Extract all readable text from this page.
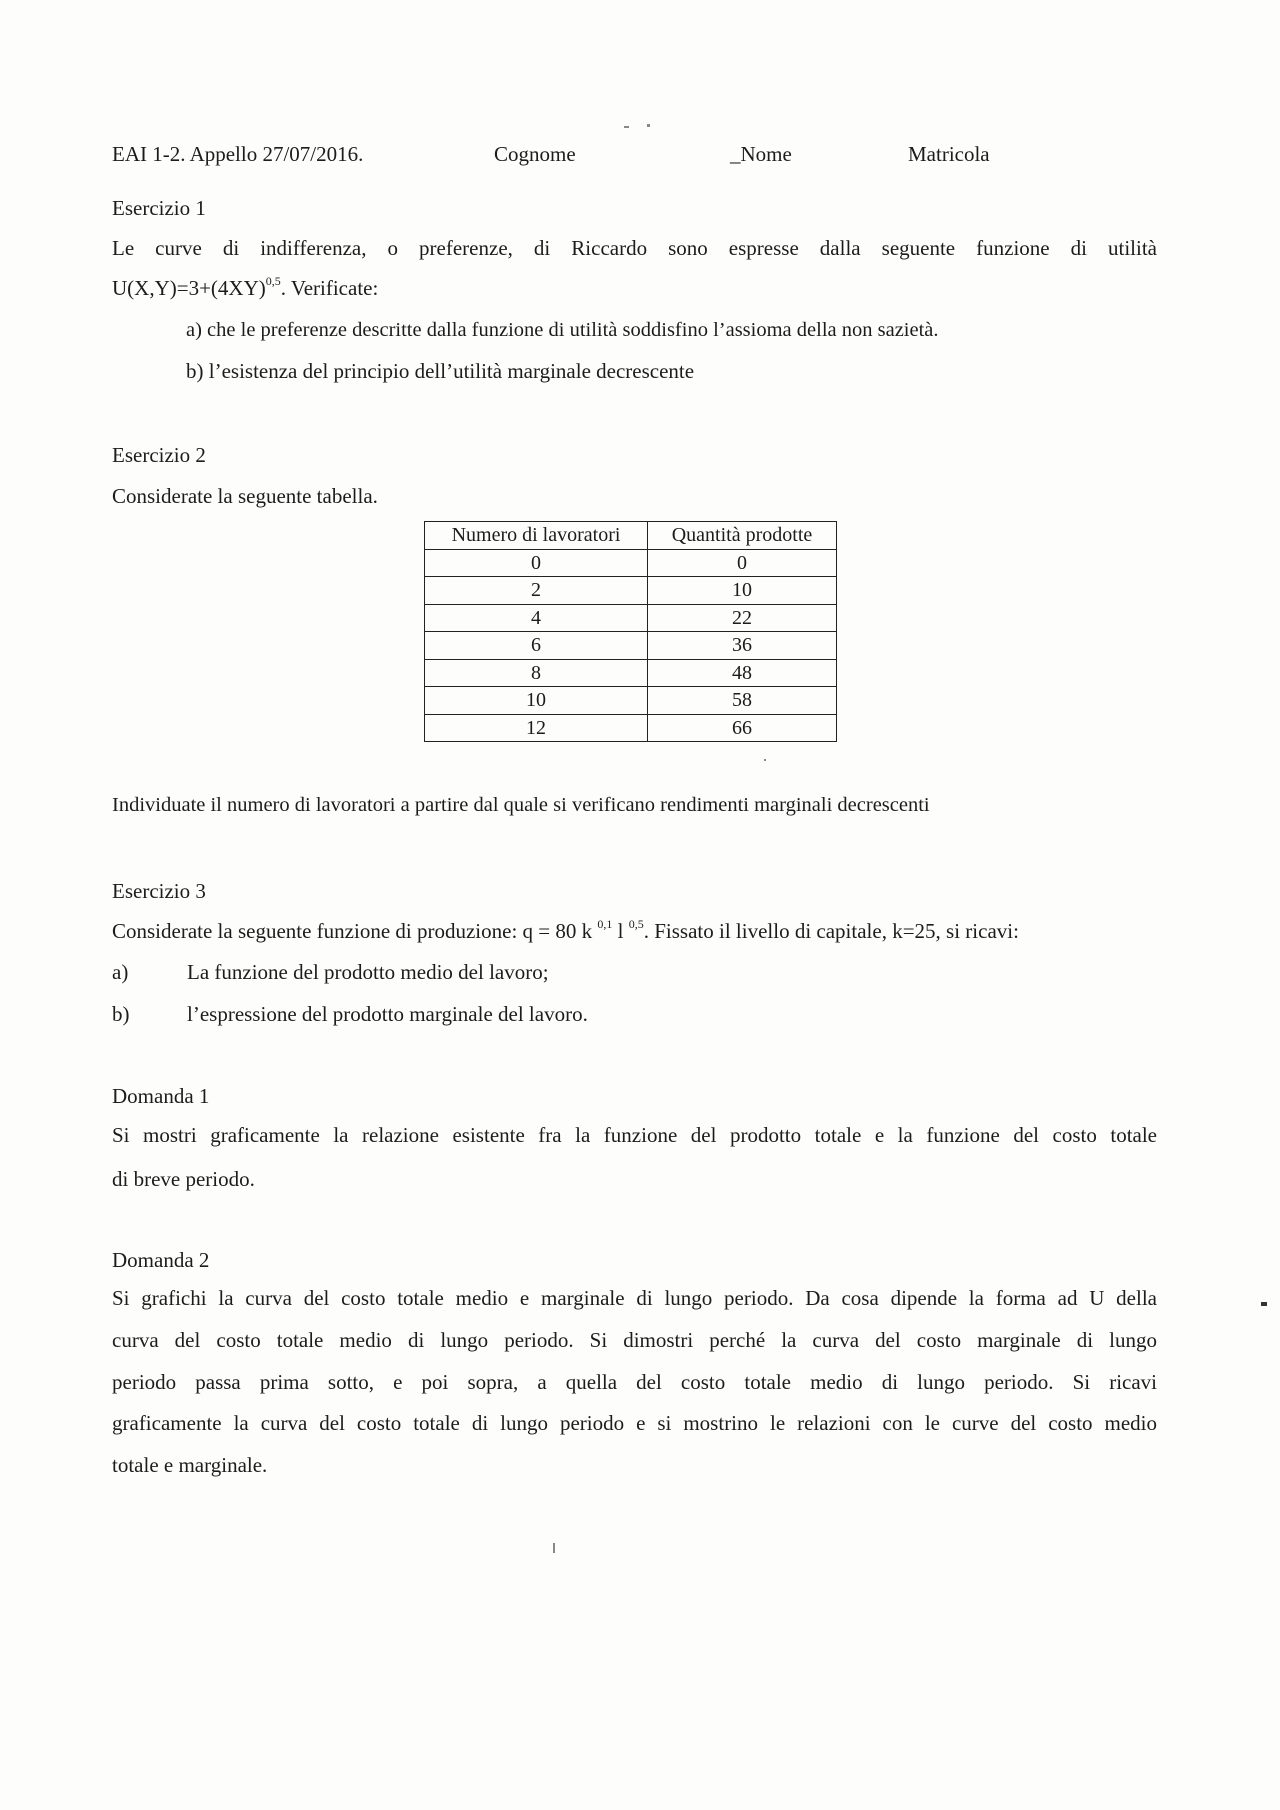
EAI 1-2. Appello 27/07/2016.	Cognome	_Nome	Matricola
Esercizio 1
Le curve di indifferenza, o preferenze, di Riccardo sono espresse dalla seguente funzione di utilità
$U(X,Y)=3+(4XY)^{0,5}$. Verificate:
a) che le preferenze descritte dalla funzione di utilità soddisfino l’assioma della non sazietà.
b) l’esistenza del principio dell’utilità marginale decrescente
Esercizio 2
Considerate la seguente tabella.
Numero di lavoratori	Quantità prodotte
0	0
2	10
4	22
6	36
8	48
10	58
12	66
Individuate il numero di lavoratori a partire dal quale si verificano rendimenti marginali decrescenti
Esercizio 3
Considerate la seguente funzione di produzione: q = 80 k $^{0,1}$ l $^{0,5}$. Fissato il livello di capitale, k=25, si ricavi:
a)	La funzione del prodotto medio del lavoro;
b)	l’espressione del prodotto marginale del lavoro.
Domanda 1
Si mostri graficamente la relazione esistente fra la funzione del prodotto totale e la funzione del costo totale
di breve periodo.
Domanda 2
Si grafichi la curva del costo totale medio e marginale di lungo periodo. Da cosa dipende la forma ad U della
curva del costo totale medio di lungo periodo. Si dimostri perché la curva del costo marginale di lungo
periodo passa prima sotto, e poi sopra, a quella del costo totale medio di lungo periodo. Si ricavi
graficamente la curva del costo totale di lungo periodo e si mostrino le relazioni con le curve del costo medio
totale e marginale.
